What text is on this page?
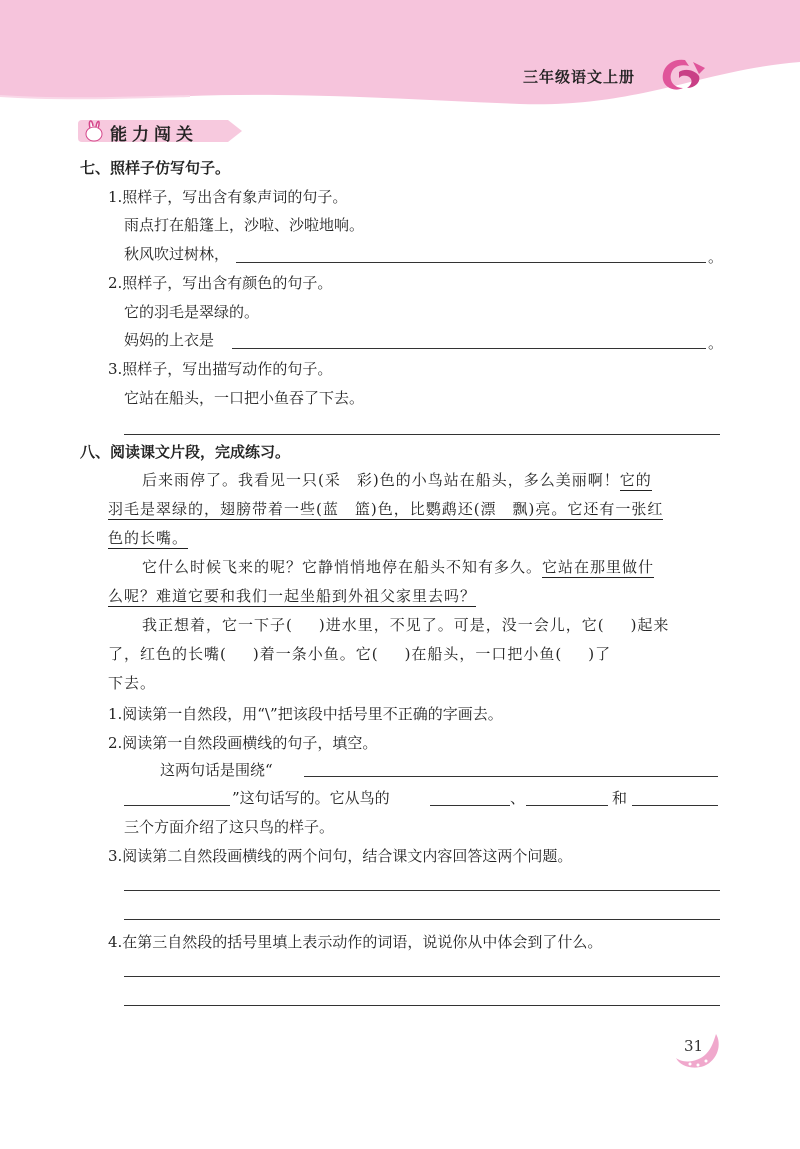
三年级语文上册
能力闯关
七、照样子仿写句子。
1.照样子，写出含有象声词的句子。
雨点打在船篷上，沙啦、沙啦地响。
秋风吹过树林，	。
2.照样子，写出含有颜色的句子。
它的羽毛是翠绿的。
妈妈的上衣是	。
3.照样子，写出描写动作的句子。
它站在船头，一口把小鱼吞了下去。
八、阅读课文片段，完成练习。
后来雨停了。我看见一只(采　彩)色的小鸟站在船头，多么美丽啊！它的
羽毛是翠绿的，翅膀带着一些(蓝　篮)色，比鹦鹉还(漂　飘)亮。它还有一张红
色的长嘴。
它什么时候飞来的呢？它静悄悄地停在船头不知有多久。它站在那里做什
么呢？难道它要和我们一起坐船到外祖父家里去吗？
我正想着，它一下子( )进水里，不见了。可是，没一会儿，它( )起来
了，红色的长嘴( )着一条小鱼。它( )在船头，一口把小鱼( )了
下去。
1.阅读第一自然段，用“\”把该段中括号里不正确的字画去。
2.阅读第一自然段画横线的句子，填空。
这两句话是围绕“
”这句话写的。它从鸟的	、	和
三个方面介绍了这只鸟的样子。
3.阅读第二自然段画横线的两个问句，结合课文内容回答这两个问题。
4.在第三自然段的括号里填上表示动作的词语，说说你从中体会到了什么。
31
